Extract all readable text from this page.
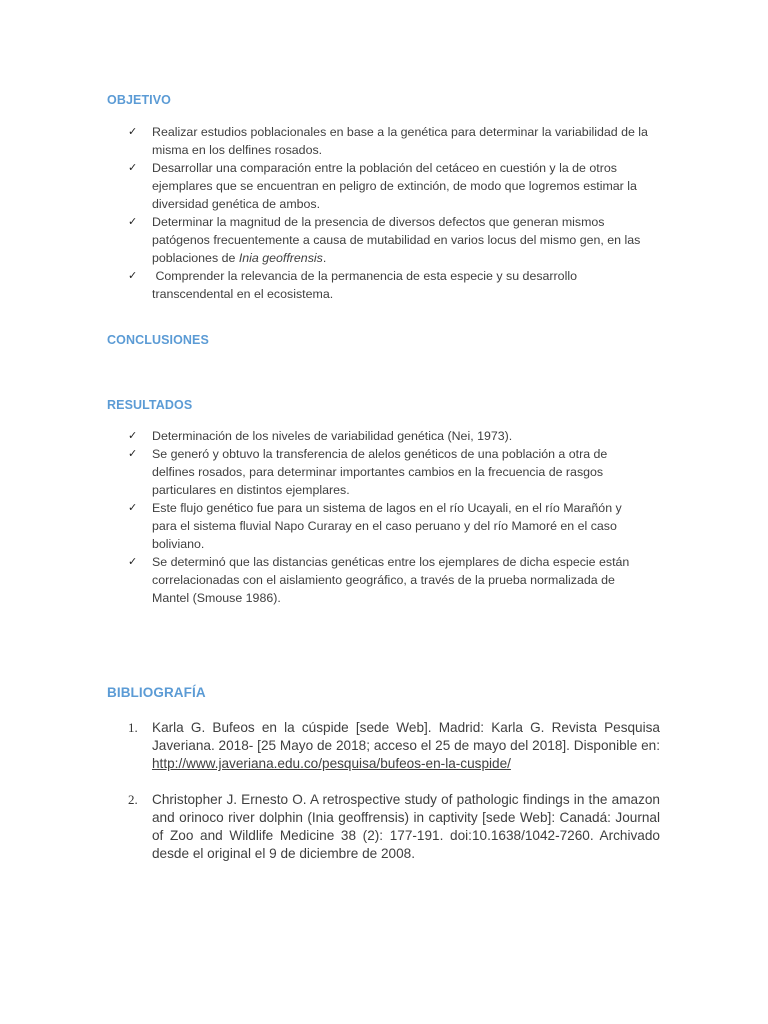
OBJETIVO
✓ Realizar estudios poblacionales en base a la genética para determinar la variabilidad de la misma en los delfines rosados.
✓ Desarrollar una comparación entre la población del cetáceo en cuestión y la de otros ejemplares que se encuentran en peligro de extinción, de modo que logremos estimar la diversidad genética de ambos.
✓ Determinar la magnitud de la presencia de diversos defectos que generan mismos patógenos frecuentemente a causa de mutabilidad en varios locus del mismo gen, en las poblaciones de Inia geoffrensis.
✓ Comprender la relevancia de la permanencia de esta especie y su desarrollo transcendental en el ecosistema.
CONCLUSIONES
RESULTADOS
✓ Determinación de los niveles de variabilidad genética (Nei, 1973).
✓ Se generó y obtuvo la transferencia de alelos genéticos de una población a otra de delfines rosados, para determinar importantes cambios en la frecuencia de rasgos particulares en distintos ejemplares.
✓ Este flujo genético fue para un sistema de lagos en el río Ucayali, en el río Marañón y para el sistema fluvial Napo Curaray en el caso peruano y del río Mamoré en el caso boliviano.
✓ Se determinó que las distancias genéticas entre los ejemplares de dicha especie están correlacionadas con el aislamiento geográfico, a través de la prueba normalizada de Mantel (Smouse 1986).
BIBLIOGRAFÍA
1. Karla G. Bufeos en la cúspide [sede Web]. Madrid: Karla G. Revista Pesquisa Javeriana. 2018- [25 Mayo de 2018; acceso el 25 de mayo del 2018]. Disponible en: http://www.javeriana.edu.co/pesquisa/bufeos-en-la-cuspide/
2. Christopher J. Ernesto O. A retrospective study of pathologic findings in the amazon and orinoco river dolphin (Inia geoffrensis) in captivity [sede Web]: Canadá: Journal of Zoo and Wildlife Medicine 38 (2): 177-191. doi:10.1638/1042-7260. Archivado desde el original el 9 de diciembre de 2008.
